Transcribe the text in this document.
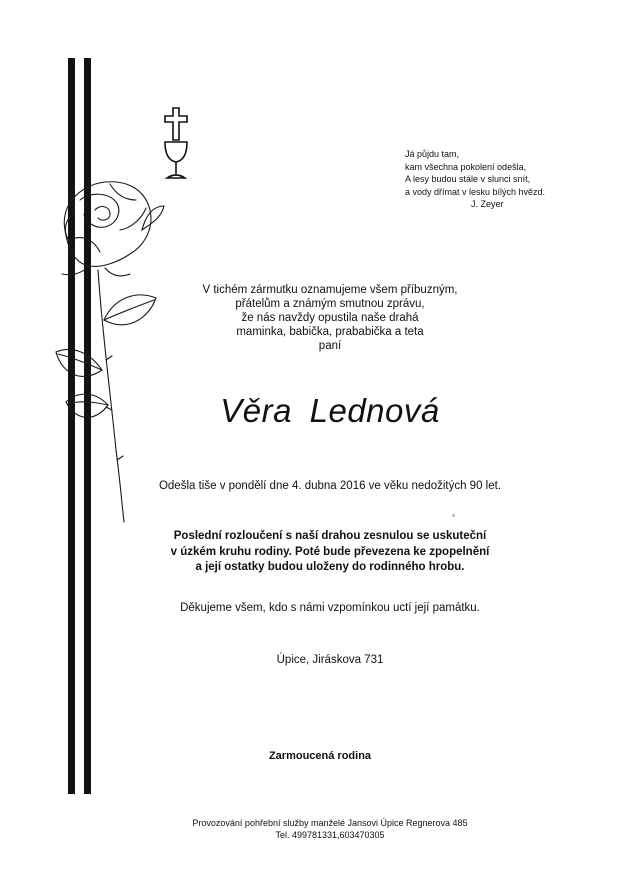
Já půjdu tam,
kam všechna pokolení odešla,
A lesy budou stále v slunci snít,
a vody dřímat v lesku bílých hvězd.
J. Zeyer
V tichém zármutku oznamujeme všem příbuzným,
přátelům a známým smutnou zprávu,
že nás navždy opustila naše drahá
maminka, babička, prababička a teta
paní
Věra Lednová
Odešla tiše v pondělí dne 4. dubna 2016 ve věku nedožitých 90 let.
Poslední rozloučení s naší drahou zesnulou se uskuteční
v úzkém kruhu rodiny. Poté bude převezena ke zpopelnění
a její ostatky budou uloženy do rodinného hrobu.
Děkujeme všem, kdo s námi vzpomínkou uctí její památku.
Úpice, Jiráskova 731
Zarmoucená rodina
Provozování pohřební služby manželé Jansovi Úpice Regnerova 485
Tel. 499781331,603470305
